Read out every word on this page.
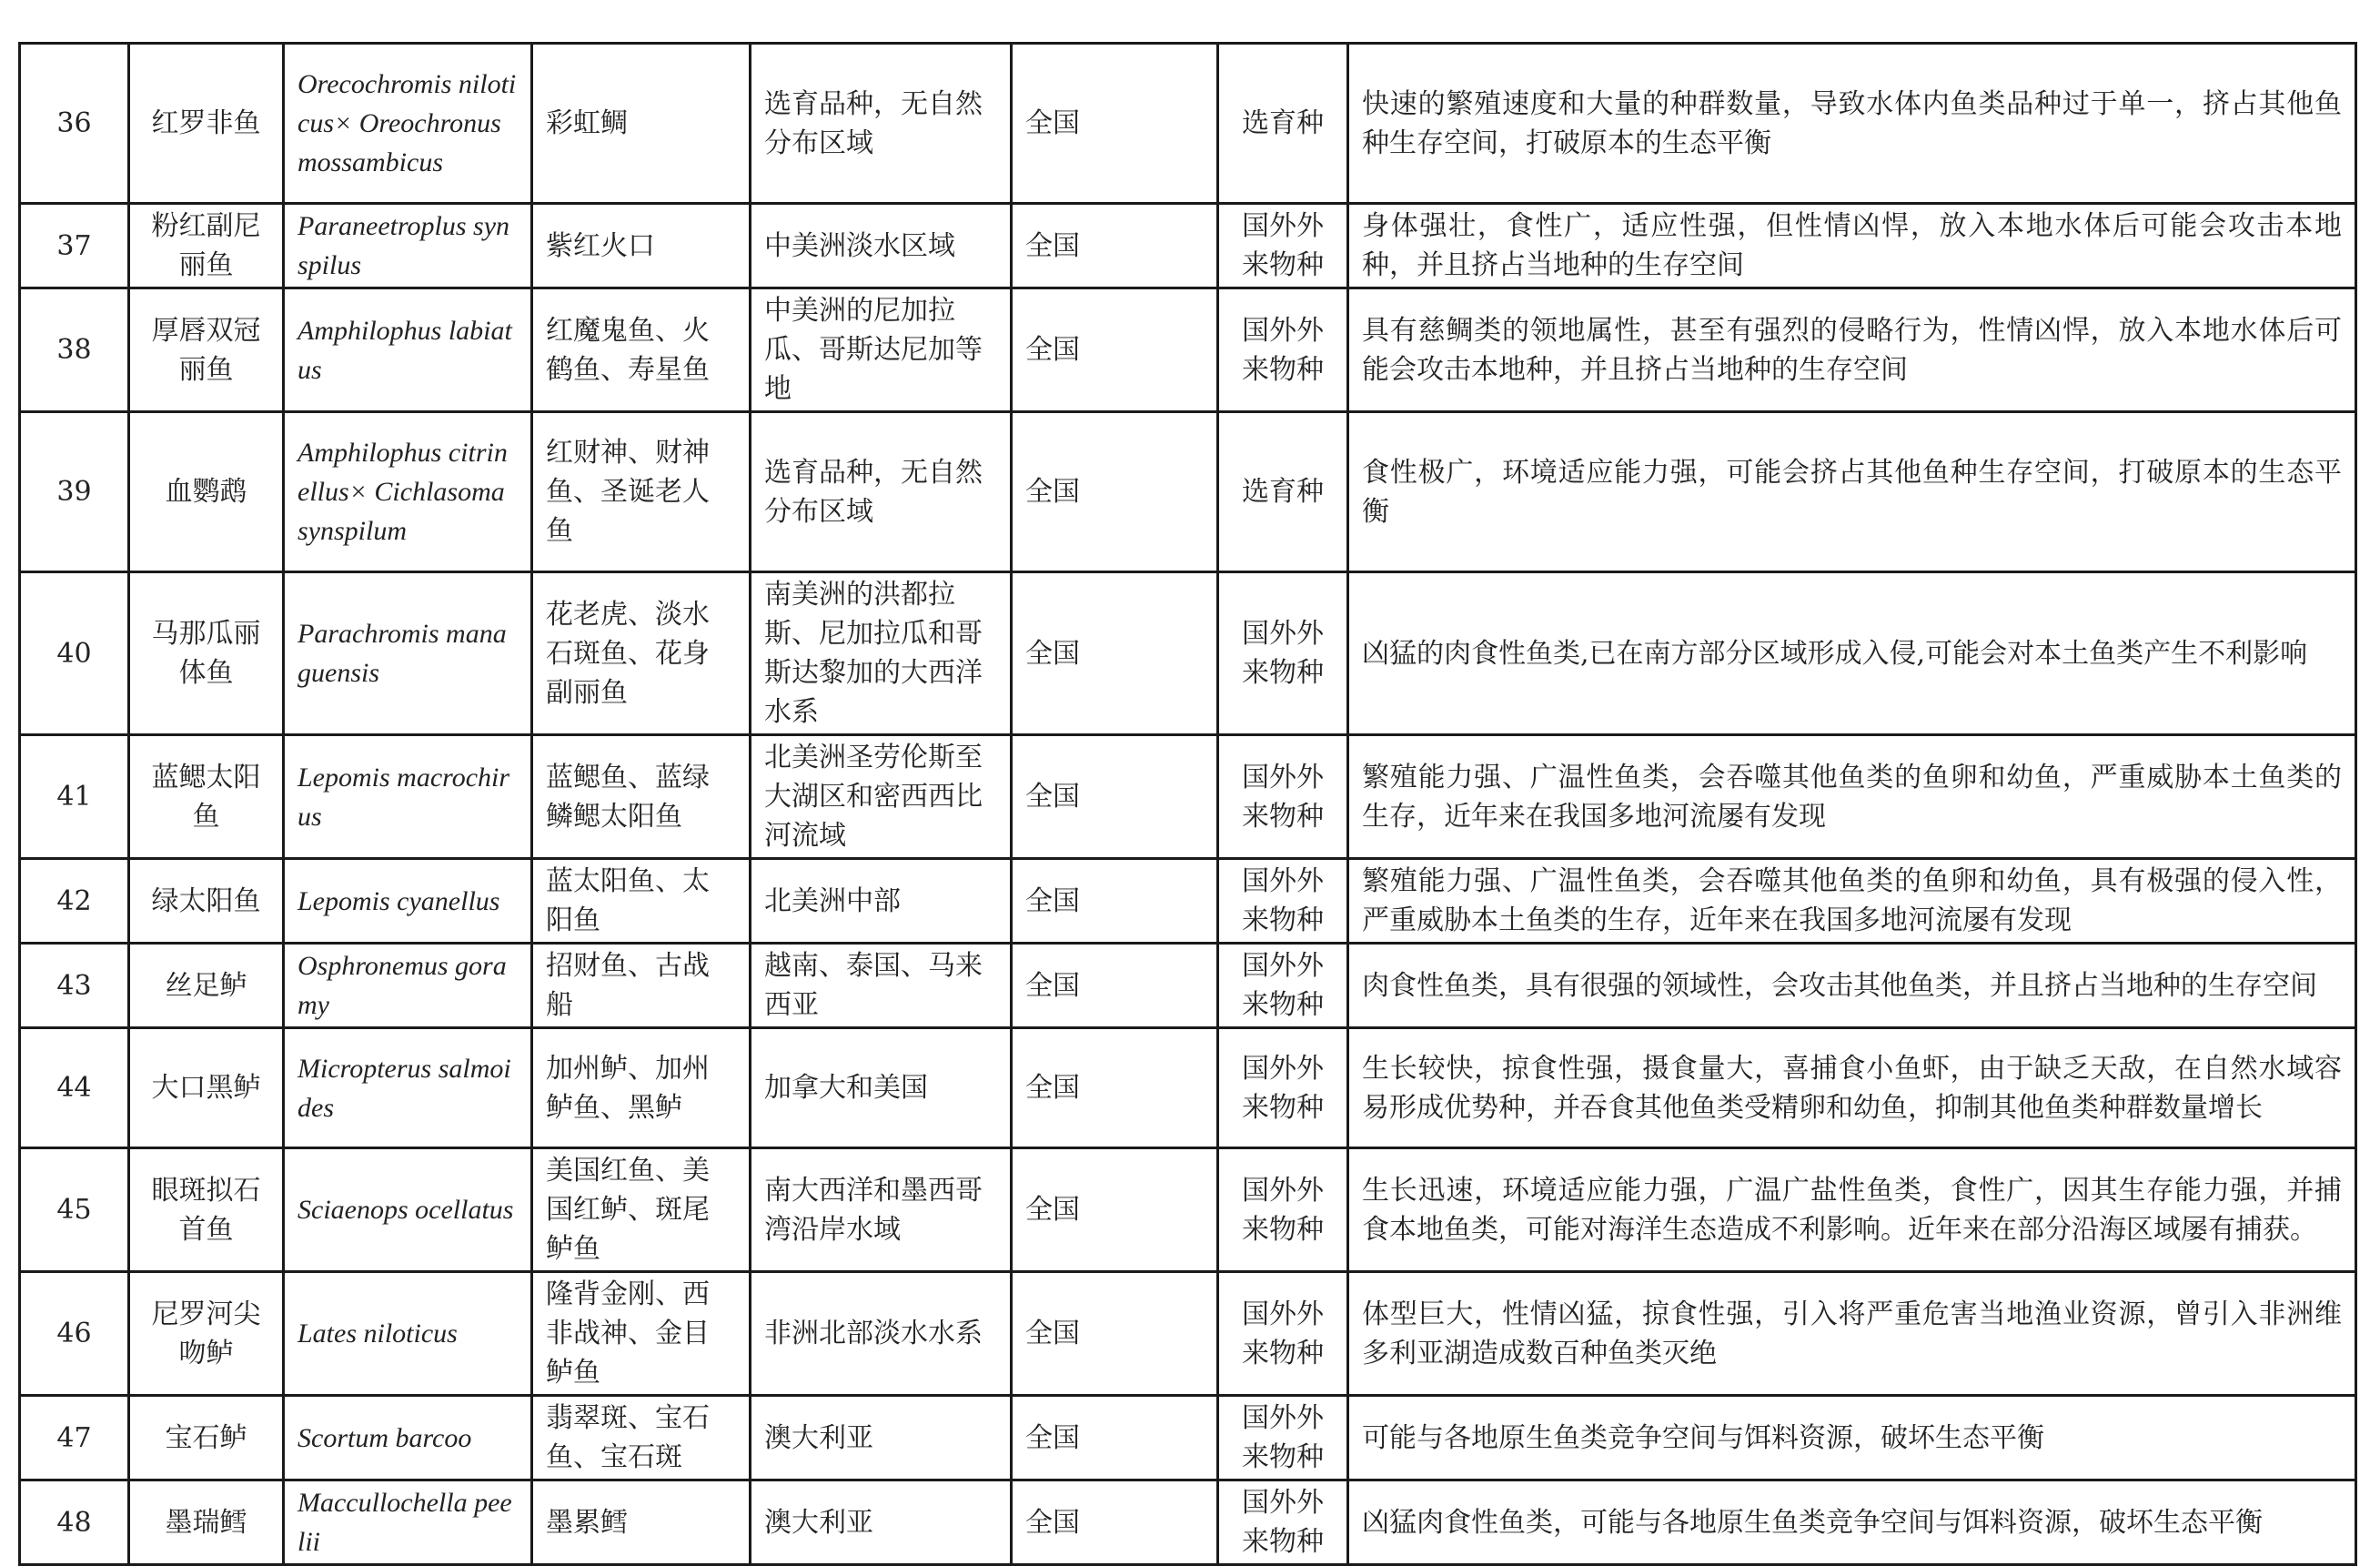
36	红罗非鱼	Orecochromis niloticus× Oreochronus mossambicus	彩虹鲷	选育品种，无自然分布区域	全国	选育种	快速的繁殖速度和大量的种群数量，导致水体内鱼类品种过于单一，挤占其他鱼种生存空间，打破原本的生态平衡
37	粉红副尼丽鱼	Paraneetroplus synspilus	紫红火口	中美洲淡水区域	全国	国外外来物种	身体强壮，食性广，适应性强，但性情凶悍，放入本地水体后可能会攻击本地种，并且挤占当地种的生存空间
38	厚唇双冠丽鱼	Amphilophus labiatus	红魔鬼鱼、火鹤鱼、寿星鱼	中美洲的尼加拉瓜、哥斯达尼加等地	全国	国外外来物种	具有慈鲷类的领地属性，甚至有强烈的侵略行为，性情凶悍，放入本地水体后可能会攻击本地种，并且挤占当地种的生存空间
39	血鹦鹉	Amphilophus citrinellus× Cichlasoma synspilum	红财神、财神鱼、圣诞老人鱼	选育品种，无自然分布区域	全国	选育种	食性极广，环境适应能力强，可能会挤占其他鱼种生存空间，打破原本的生态平衡
40	马那瓜丽体鱼	Parachromis managuensis	花老虎、淡水石斑鱼、花身副丽鱼	南美洲的洪都拉斯、尼加拉瓜和哥斯达黎加的大西洋水系	全国	国外外来物种	凶猛的肉食性鱼类,已在南方部分区域形成入侵,可能会对本土鱼类产生不利影响
41	蓝鳃太阳鱼	Lepomis macrochirus	蓝鳃鱼、蓝绿鳞鳃太阳鱼	北美洲圣劳伦斯至大湖区和密西西比河流域	全国	国外外来物种	繁殖能力强、广温性鱼类，会吞噬其他鱼类的鱼卵和幼鱼，严重威胁本土鱼类的生存，近年来在我国多地河流屡有发现
42	绿太阳鱼	Lepomis cyanellus	蓝太阳鱼、太阳鱼	北美洲中部	全国	国外外来物种	繁殖能力强、广温性鱼类，会吞噬其他鱼类的鱼卵和幼鱼，具有极强的侵入性，严重威胁本土鱼类的生存，近年来在我国多地河流屡有发现
43	丝足鲈	Osphronemus goramy	招财鱼、古战船	越南、泰国、马来西亚	全国	国外外来物种	肉食性鱼类，具有很强的领域性，会攻击其他鱼类，并且挤占当地种的生存空间
44	大口黑鲈	Micropterus salmoides	加州鲈、加州鲈鱼、黑鲈	加拿大和美国	全国	国外外来物种	生长较快，掠食性强，摄食量大，喜捕食小鱼虾，由于缺乏天敌，在自然水域容易形成优势种，并吞食其他鱼类受精卵和幼鱼，抑制其他鱼类种群数量增长
45	眼斑拟石首鱼	Sciaenops ocellatus	美国红鱼、美国红鲈、斑尾鲈鱼	南大西洋和墨西哥湾沿岸水域	全国	国外外来物种	生长迅速，环境适应能力强，广温广盐性鱼类，食性广，因其生存能力强，并捕食本地鱼类，可能对海洋生态造成不利影响。近年来在部分沿海区域屡有捕获。
46	尼罗河尖吻鲈	Lates niloticus	隆背金刚、西非战神、金目鲈鱼	非洲北部淡水水系	全国	国外外来物种	体型巨大，性情凶猛，掠食性强，引入将严重危害当地渔业资源，曾引入非洲维多利亚湖造成数百种鱼类灭绝
47	宝石鲈	Scortum barcoo	翡翠斑、宝石鱼、宝石斑	澳大利亚	全国	国外外来物种	可能与各地原生鱼类竞争空间与饵料资源，破坏生态平衡
48	墨瑞鳕	Maccullochella peelii	墨累鳕	澳大利亚	全国	国外外来物种	凶猛肉食性鱼类，可能与各地原生鱼类竞争空间与饵料资源，破坏生态平衡
